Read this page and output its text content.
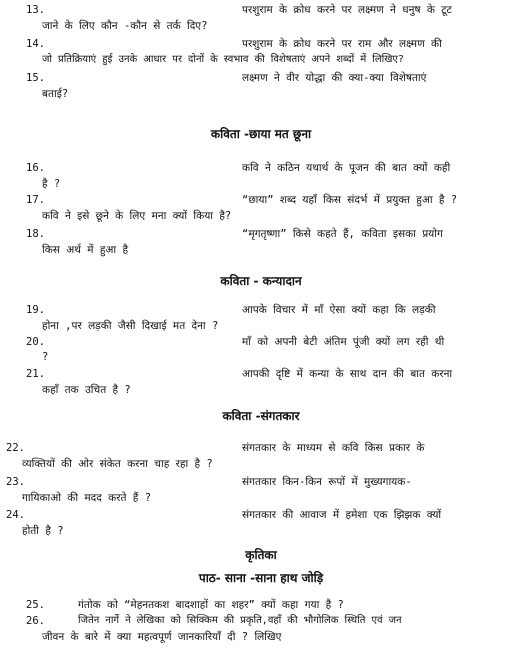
13.	परशुराम के क्रोध करने पर लक्ष्मण ने धनुष के टूट
जाने के लिए कौन -कौन से तर्क दिए?
14.	परशुराम के क्रोध करने पर राम और लक्ष्मण की
जो प्रतिक्रियाएं हुई उनके आधार पर दोनों के स्वभाव की विशेषताएं अपने शब्दों में लिखिए?
15.	लक्ष्मण ने वीर योद्धा की क्या-क्या विशेषताएं
बताई?
कविता -छाया मत छूना
16.	कवि ने कठिन यथार्थ के पूजन की बात क्यों कही
है ?
17.	“छाया” शब्द यहाँ किस संदर्भ में प्रयुक्त हुआ है ?
कवि ने इसे छूने के लिए मना क्यों किया है?
18.	“मृगतृष्णा” किसे कहते हैं, कविता इसका प्रयोग
किस अर्थ में हुआ है
कविता - कन्यादान
19.	आपके विचार में माँ ऐसा क्यों कहा कि लड़की
होना ,पर लड़की जैसी दिखाई मत देना ?
20.	माँ को अपनी बेटी अंतिम पूंजी क्यों लग रही थी
?
21.	आपकी दृष्टि में कन्या के साथ दान की बात करना
कहाँ तक उचित है ?
कविता -संगतकार
22.	संगतकार के माध्यम से कवि किस प्रकार के
व्यक्तियों की ओर संकेत करना चाह रहा है ?
23.	संगतकार किन-किन रूपों में मुख्यगायक-
गायिकाओ की मदद करते हैं ?
24.	संगतकार की आवाज में हमेशा एक झिझक क्यों
होती है ?
कृतिका
पाठ- साना -साना हाथ जोड़ि
25.	गंतोक को “मेहनतकश बादशाहों का शहर” क्यों कहा गया है ?
26.	जितेन नार्गे ने लेखिका को सिक्किम की प्रकृति,वहाँ की भौगोलिक स्थिति एवं जन
जीवन के बारे में क्या महत्वपूर्ण जानकारियाँ दी ? लिखिए
